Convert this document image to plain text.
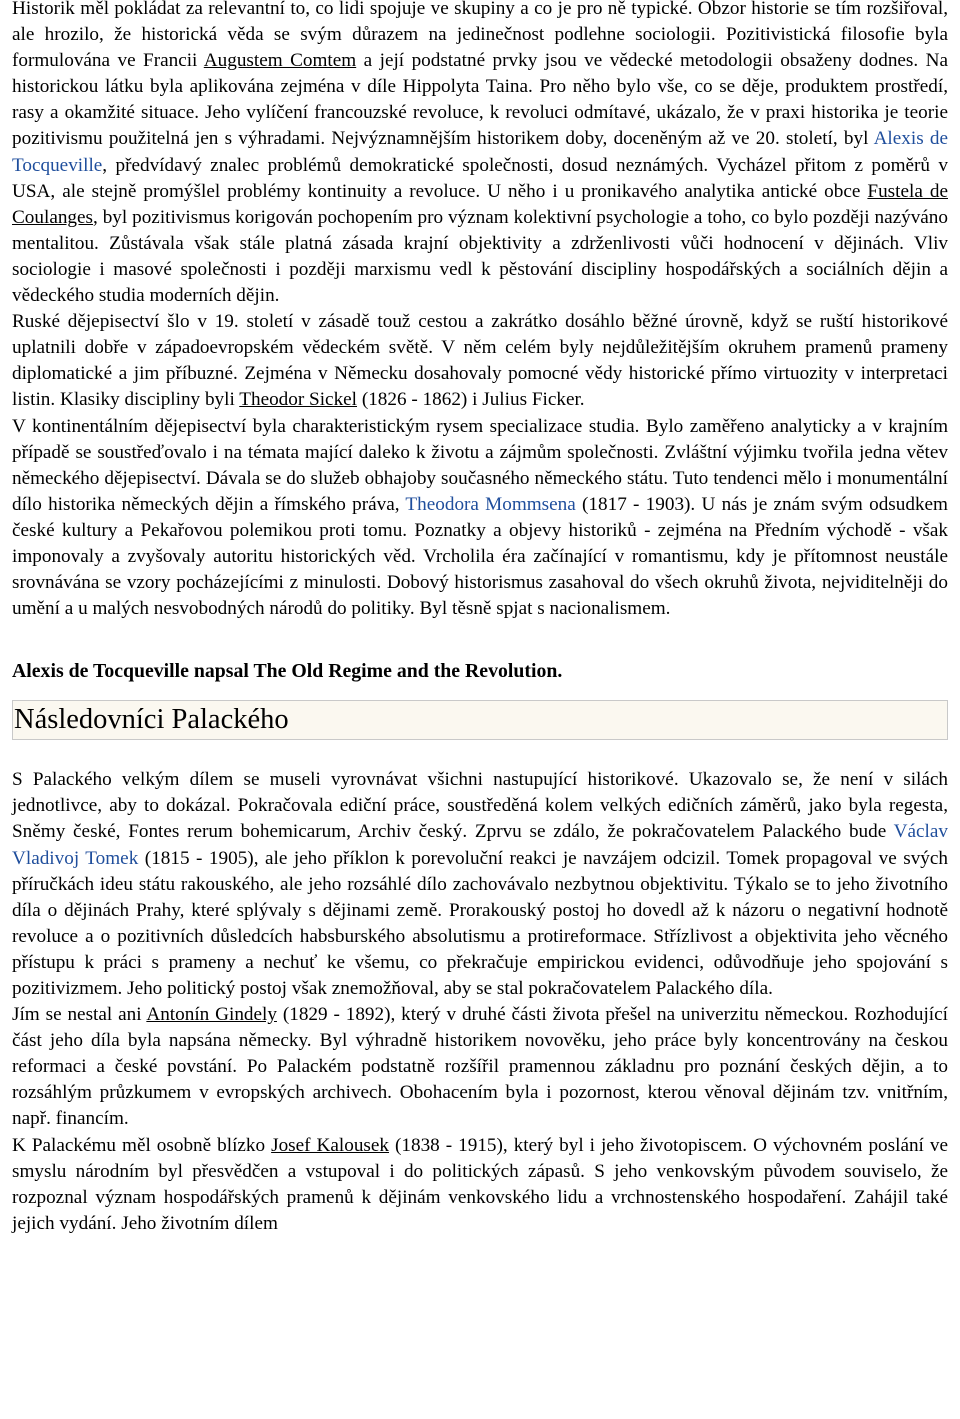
Historik měl pokládat za relevantní to, co lidi spojuje ve skupiny a co je pro ně typické. Obzor historie se tím rozšiřoval, ale hrozilo, že historická věda se svým důrazem na jedinečnost podlehne sociologii. Pozitivistická filosofie byla formulována ve Francii Augustem Comtem a její podstatné prvky jsou ve vědecké metodologii obsaženy dodnes. Na historickou látku byla aplikována zejména v díle Hippolyta Taina. Pro něho bylo vše, co se děje, produktem prostředí, rasy a okamžité situace. Jeho vylíčení francouzské revoluce, k revoluci odmítavé, ukázalo, že v praxi historika je teorie pozitivismu použitelná jen s výhradami. Nejvýznamnějším historikem doby, doceněným až ve 20. století, byl Alexis de Tocqueville, předvídavý znalec problémů demokratické společnosti, dosud neznámých. Vycházel přitom z poměrů v USA, ale stejně promýšlel problémy kontinuity a revoluce. U něho i u pronikavého analytika antické obce Fustela de Coulanges, byl pozitivismus korigován pochopením pro význam kolektivní psychologie a toho, co bylo později nazýváno mentalitou. Zůstávala však stále platná zásada krajní objektivity a zdrženlivosti vůči hodnocení v dějinách. Vliv sociologie i masové společnosti i později marxismu vedl k pěstování discipliny hospodářských a sociálních dějin a vědeckého studia moderních dějin.

Ruské dějepisectví šlo v 19. století v zásadě touž cestou a zakrátko dosáhlo běžné úrovně, když se ruští historikové uplatnili dobře v západoevropském vědeckém světě. V něm celém byly nejdůležitějším okruhem pramenů prameny diplomatické a jim příbuzné. Zejména v Německu dosahovaly pomocné vědy historické přímo virtuozity v interpretaci listin. Klasiky discipliny byli Theodor Sickel (1826 - 1862) i Julius Ficker.

V kontinentálním dějepisectví byla charakteristickým rysem specializace studia. Bylo zaměřeno analyticky a v krajním případě se soustřeďovalo i na témata mající daleko k životu a zájmům společnosti. Zvláštní výjimku tvořila jedna větev německého dějepisectví. Dávala se do služeb obhajoby současného německého státu. Tuto tendenci mělo i monumentální dílo historika německých dějin a římského práva, Theodora Mommsena (1817 - 1903). U nás je znám svým odsudkem české kultury a Pekařovou polemikou proti tomu. Poznatky a objevy historiků - zejména na Předním východě - však imponovaly a zvyšovaly autoritu historických věd. Vrcholila éra začínající v romantismu, kdy je přítomnost neustále srovnávána se vzory pocházejícími z minulosti. Dobový historismus zasahoval do všech okruhů života, nejviditelněji do umění a u malých nesvobodných národů do politiky. Byl těsně spjat s nacionalismem.

Alexis de Tocqueville napsal The Old Regime and the Revolution.

Následovníci Palackého

S Palackého velkým dílem se museli vyrovnávat všichni nastupující historikové. Ukazovalo se, že není v silách jednotlivce, aby to dokázal. Pokračovala ediční práce, soustředěná kolem velkých edičních záměrů, jako byla regesta, Sněmy české, Fontes rerum bohemicarum, Archiv český. Zprvu se zdálo, že pokračovatelem Palackého bude Václav Vladivoj Tomek (1815 - 1905), ale jeho příklon k porevoluční reakci je navzájem odcizil. Tomek propagoval ve svých příručkách ideu státu rakouského, ale jeho rozsáhlé dílo zachovávalo nezbytnou objektivitu. Týkalo se to jeho životního díla o dějinách Prahy, které splývaly s dějinami země. Prorakouský postoj ho dovedl až k názoru o negativní hodnotě revoluce a o pozitivních důsledcích habsburského absolutismu a protireformace. Střízlivost a objektivita jeho věcného přístupu k práci s prameny a nechuť ke všemu, co překračuje empirickou evidenci, odůvodňuje jeho spojování s pozitivizmem. Jeho politický postoj však znemožňoval, aby se stal pokračovatelem Palackého díla.

Jím se nestal ani Antonín Gindely (1829 - 1892), který v druhé části života přešel na univerzitu německou. Rozhodující část jeho díla byla napsána německy. Byl výhradně historikem novověku, jeho práce byly koncentrovány na českou reformaci a české povstání. Po Palackém podstatně rozšířil pramennou základnu pro poznání českých dějin, a to rozsáhlým průzkumem v evropských archivech. Obohacením byla i pozornost, kterou věnoval dějinám tzv. vnitřním, např. financím.

K Palackému měl osobně blízko Josef Kalousek (1838 - 1915), který byl i jeho životopiscem. O výchovném poslání ve smyslu národním byl přesvědčen a vstupoval i do politických zápasů. S jeho venkovským původem souviselo, že rozpoznal význam hospodářských pramenů k dějinám venkovského lidu a vrchnostenského hospodaření. Zahájil také jejich vydání. Jeho životním dílem
